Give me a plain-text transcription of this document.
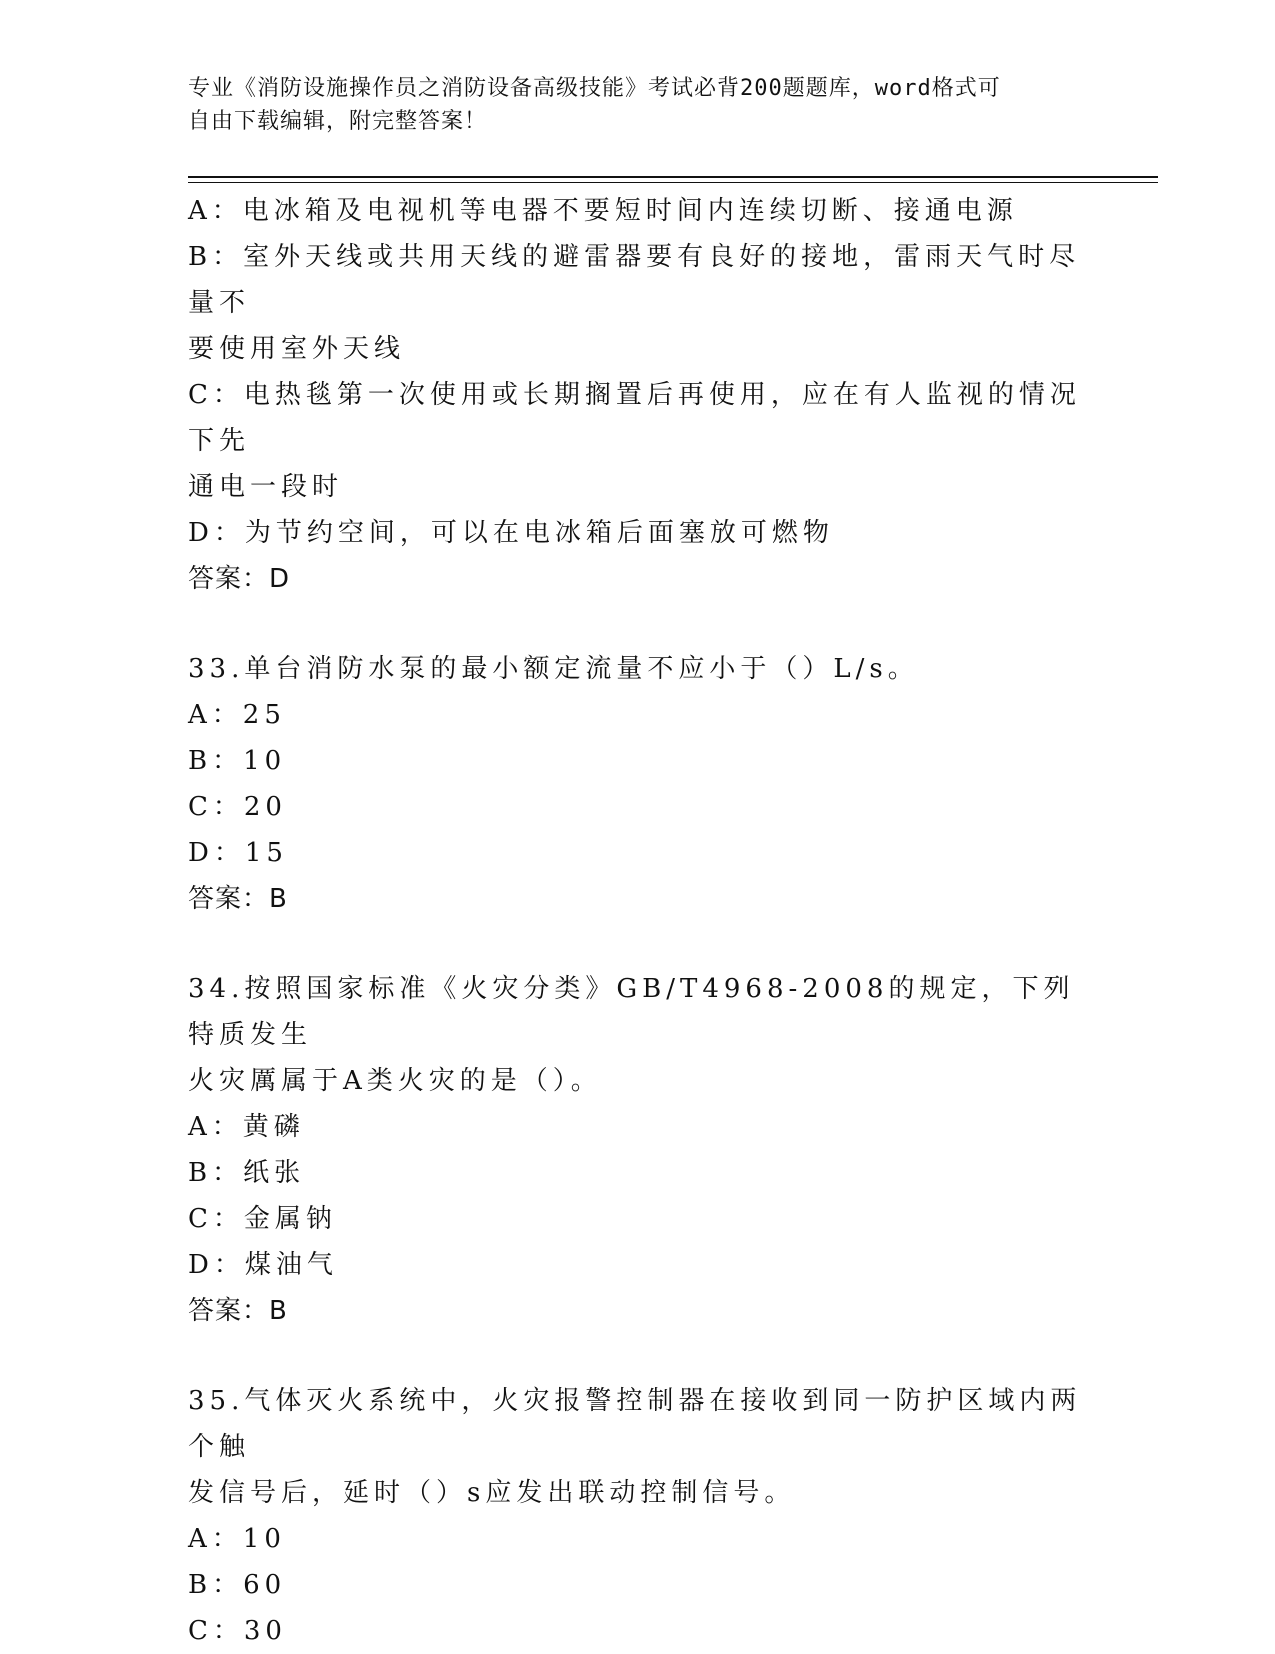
专业《消防设施操作员之消防设备高级技能》考试必背200题题库，word格式可
自由下载编辑，附完整答案！
A：电冰箱及电视机等电器不要短时间内连续切断、接通电源
B：室外天线或共用天线的避雷器要有良好的接地，雷雨天气时尽量不
要使用室外天线
C：电热毯第一次使用或长期搁置后再使用，应在有人监视的情况下先
通电一段时
D：为节约空间，可以在电冰箱后面塞放可燃物
答案：D
33.单台消防水泵的最小额定流量不应小于（）L/s。
A：25
B：10
C：20
D：15
答案：B
34.按照国家标准《火灾分类》GB/T4968-2008的规定，下列特质发生
火灾厲属于A类火灾的是（）。
A：黄磷
B：纸张
C：金属钠
D：煤油气
答案：B
35.气体灭火系统中，火灾报警控制器在接收到同一防护区域内两个触
发信号后，延时（）s应发出联动控制信号。
A：10
B：60
C：30
